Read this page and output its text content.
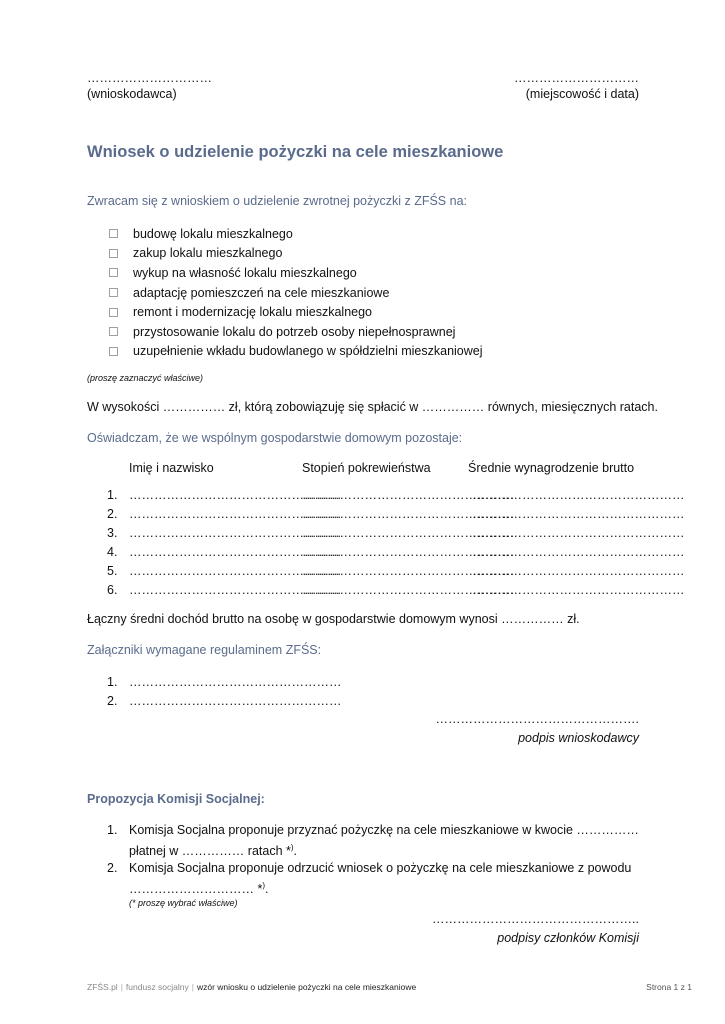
…………………………
(wnioskodawca)
…………………………
(miejscowość i data)
Wniosek o udzielenie pożyczki na cele mieszkaniowe
Zwracam się z wnioskiem o udzielenie zwrotnej pożyczki z ZFŚS na:
budowę lokalu mieszkalnego
zakup lokalu mieszkalnego
wykup na własność lokalu mieszkalnego
adaptację pomieszczeń na cele mieszkaniowe
remont i modernizację lokalu mieszkalnego
przystosowanie lokalu do potrzeb osoby niepełnosprawnej
uzupełnienie wkładu budowlanego w spółdzielni mieszkaniowej
(proszę zaznaczyć właściwe)
W wysokości …………… zł, którą zobowiązuję się spłacić w …………… równych, miesięcznych ratach.
Oświadczam, że we wspólnym gospodarstwie domowym pozostaje:
Imię i nazwisko	Stopień pokrewieństwa	Średnie wynagrodzenie brutto
1. ……………………………………………
……………………………………………
……………………………………………
2. ……………………………………………
……………………………………………
……………………………………………
3. ……………………………………………
……………………………………………
……………………………………………
4. ……………………………………………
……………………………………………
……………………………………………
5. ……………………………………………
……………………………………………
……………………………………………
6. ……………………………………………
……………………………………………
……………………………………………
Łączny średni dochód brutto na osobę w gospodarstwie domowym wynosi …………… zł.
Załączniki wymagane regulaminem ZFŚS:
1. ……………………………………………
2. ……………………………………………
………………………………………….
podpis wnioskodawcy
Propozycja Komisji Socjalnej:
1. Komisja Socjalna proponuje przyznać pożyczkę na cele mieszkaniowe w kwocie ……………
płatnej w …………… ratach *).
2. Komisja Socjalna proponuje odrzucić wniosek o pożyczkę na cele mieszkaniowe z powodu
………………………… *).
(* proszę wybrać właściwe)
…………………………………………..
podpisy członków Komisji
ZFŚS.pl | fundusz socjalny | wzór wniosku o udzielenie pożyczki na cele mieszkaniowe	Strona 1 z 1
